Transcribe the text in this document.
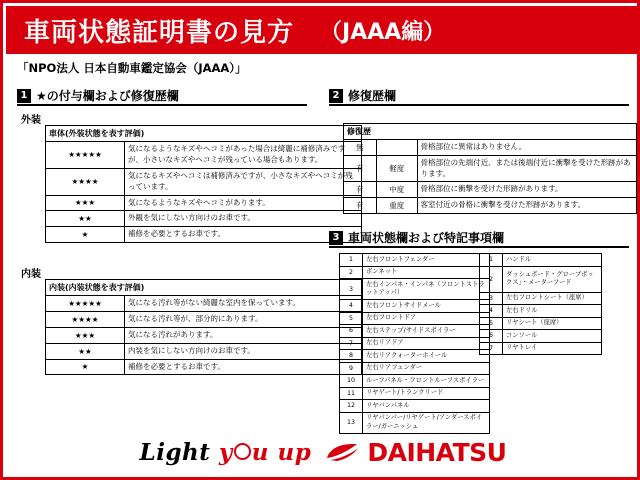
車両状態証明書の見方 （JAAA編）
「NPO法人 日本自動車鑑定協会（JAAA）」
1 ★の付与欄および修復歴欄	2 修復歴欄
3 車両状態欄および特記事項欄
外装
車体(外装状態を表す評価)	
★★★★★	気になるようなキズやヘコミがあった場合は綺麗に補修済みですが、小さいなキズやヘコミが残っている場合もあります。
★★★★	気になるキズやヘコミは補修済みですが、小さなキズやヘコミが残っています。
★★★	気になるようなキズやヘコミがあります。
★★	外観を気にしない方向けのお車です。
★	補修を必要とするお車です。
内装
内装(内装状態を表す評価)	
★★★★★	気になる汚れ等がない綺麗な室内を保っています。
★★★★	気になる汚れ等が、部分的にあります。
★★★	気になる汚れがあります。
★★	内装を気にしない方向けのお車です。
★	補修を必要とするお車です。
修復歴		
無		骨格部位に異常はありません。
有	軽度	骨格部位の先端付近、または後端付近に衝撃を受けた形跡があります。
有	中度	骨格部位に衝撃を受けた形跡があります。
有	重度	客室付近の骨格に衝撃を受けた形跡があります。
1	左右フロントフェンダー
2	ボンネット
3	左右インパネ・インパネ（フロントストラットアッパ）
4	左右フロントサイドメール
5	左右フロントドア
6	左右ステップ/サイドスポイラー
7	左右リアドア
8	左右リアクォーターホイール
9	左右リアフェンダー
10	ルーフパネル・フロントルーフスポイラー
11	リヤゲート/トランクリード
12	リヤバンパネル
13	リヤパンパー/リヤゲート/アンダースポイラー/ガーニッシュ
1	ハンドル
2	ダッシュボード・グローブボックス」・メーターフード
3	左右フロントシート（座席）
4	左右ドリル
5	リヤシート（座席）
6	コンソール
7	リヤトレイ
Light y u up DAIHATSU
